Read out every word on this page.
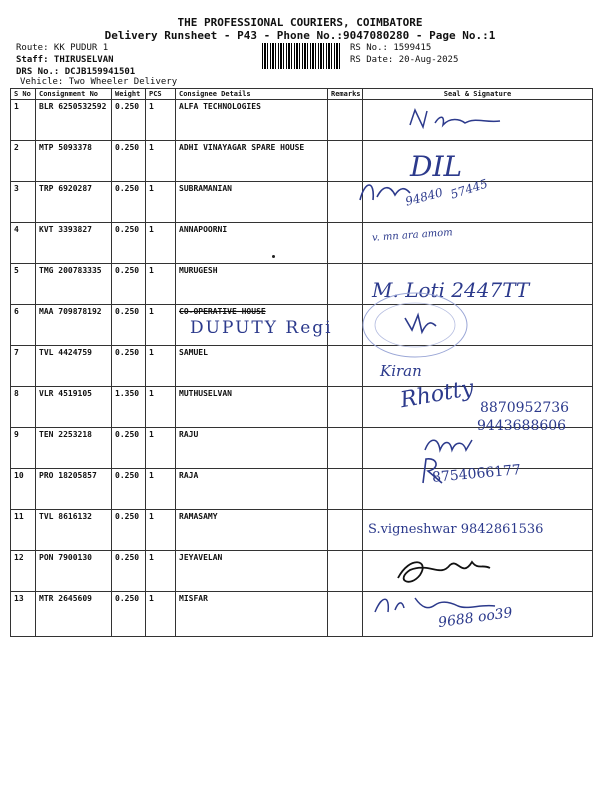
THE PROFESSIONAL COURIERS, COIMBATORE
Delivery Runsheet - P43 - Phone No.:9047080280 - Page No.:1
Route: KK PUDUR 1
Staff: THIRUSELVAN
DRS No.: DCJB159941501
Vehicle: Two Wheeler Delivery
RS No.: 1599415
RS Date: 20-Aug-2025
S No	Consignment No	Weight	PCS	Consignee Details	Remarks	Seal & Signature
1	BLR 6250532592	0.250	1	ALFA TECHNOLOGIES		
2	MTP 5093378	0.250	1	ADHI VINAYAGAR SPARE HOUSE		
3	TRP 6920287	0.250	1	SUBRAMANIAN		
4	KVT 3393827	0.250	1	ANNAPOORNI		
5	TMG 200783335	0.250	1	MURUGESH		
6	MAA 709878192	0.250	1	CO-OPERATIVE HOUSE		
7	TVL 4424759	0.250	1	SAMUEL		
8	VLR 4519105	1.350	1	MUTHUSELVAN		
9	TEN 2253218	0.250	1	RAJU		
10	PRO 18205857	0.250	1	RAJA		
11	TVL 8616132	0.250	1	RAMASAMY		
12	PON 7900130	0.250	1	JEYAVELAN		
13	MTR 2645609	0.250	1	MISFAR		
DIL
94840 57445
v. mn ara amom
M. Loti 2447TT
DUPUTY Regi
Kiran
Rhotty 8870952736
9443688606
8754066177
S.vigneshwar 9842861536
9688 oo39
